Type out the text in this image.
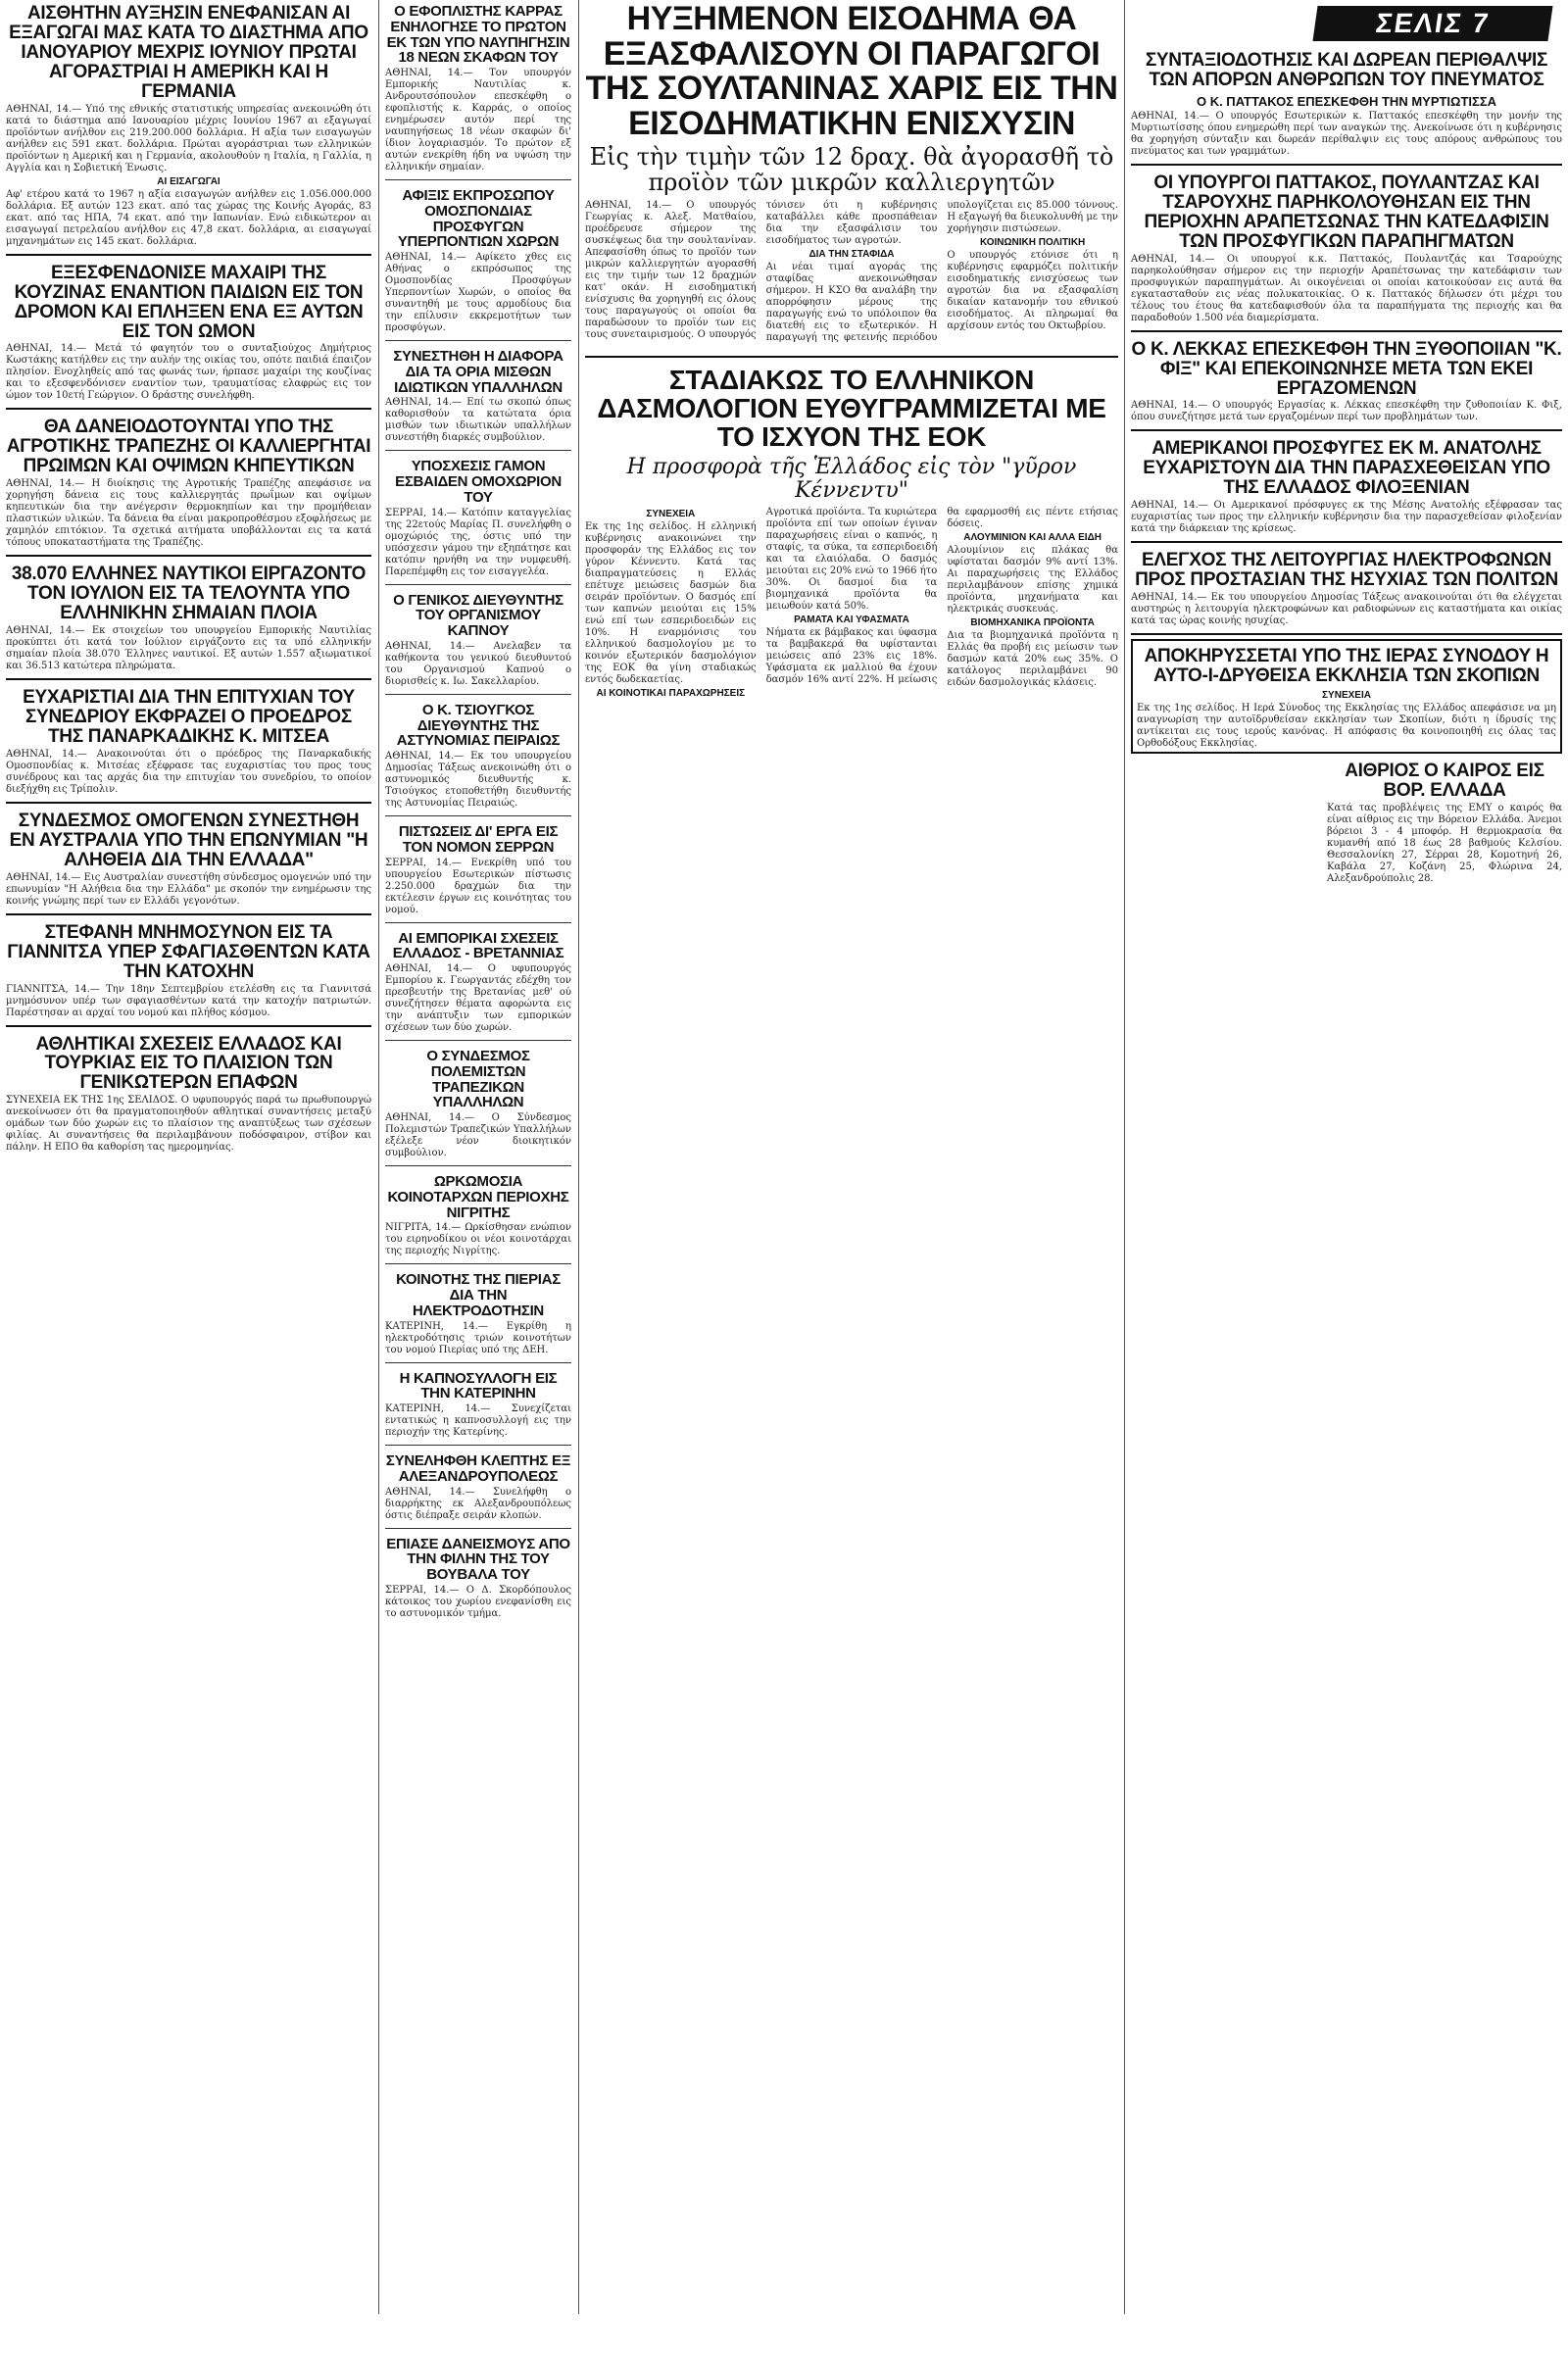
ΣΕΛΙΣ 7
ΑΙΣΘΗΤΗΝ ΑΥΞΗΣΙΝ ΕΝΕΦΑΝΙΣΑΝ ΑΙ ΕΞΑΓΩΓΑΙ ΜΑΣ ΚΑΤΑ ΤΟ ΔΙΑΣΤΗΜΑ ΑΠΟ ΙΑΝΟΥΑΡΙΟΥ ΜΕΧΡΙΣ ΙΟΥΝΙΟΥ ΠΡΩΤΑΙ ΑΓΟΡΑΣΤΡΙΑΙ Η ΑΜΕΡΙΚΗ ΚΑΙ Η ΓΕΡΜΑΝΙΑ
ΑΘΗΝΑΙ, 14.— Υπό της εθνικής στατιστικής υπηρεσίας ανεκοινώθη ότι κατά το διάστημα από Ιανουαρίου μέχρις Ιουνίου 1967 αι εξαγωγαί προϊόντων ανήλθον εις 219.200.000 δολλάρια. Η αξία των εισαγωγών ανήλθεν εις 591 εκατ. δολλάρια. Πρώται αγοράστριαι των ελληνικών προϊόντων η Αμερική και η Γερμανία, ακολουθούν η Ιταλία, η Γαλλία, η Αγγλία και η Σοβιετική Ένωσις.
ΑΙ ΕΙΣΑΓΩΓΑΙ
Αφ' ετέρου κατά το 1967 η αξία εισαγωγών ανήλθεν εις 1.056.000.000 δολλάρια. Εξ αυτών 123 εκατ. από τας χώρας της Κοινής Αγοράς, 83 εκατ. από τας ΗΠΑ, 74 εκατ. από την Ιαπωνίαν. Ενώ ειδικώτερον αι εισαγωγαί πετρελαίου ανήλθον εις 47,8 εκατ. δολλάρια, αι εισαγωγαί μηχανημάτων εις 145 εκατ. δολλάρια.
ΕΞΕΣΦΕΝΔΟΝΙΣΕ ΜΑΧΑΙΡΙ ΤΗΣ ΚΟΥΖΙΝΑΣ ΕΝΑΝΤΙΟΝ ΠΑΙΔΙΩΝ ΕΙΣ ΤΟΝ ΔΡΟΜΟΝ ΚΑΙ ΕΠΛΗΞΕΝ ΕΝΑ ΕΞ ΑΥΤΩΝ ΕΙΣ ΤΟΝ ΩΜΟΝ
ΑΘΗΝΑΙ, 14.— Μετά τό φαγητόν του ο συνταξιούχος Δημήτριος Κωστάκης κατήλθεν εις την αυλήν της οικίας του, οπότε παιδιά έπαιζον πλησίον. Ενοχληθείς από τας φωνάς των, ήρπασε μαχαίρι της κουζίνας και το εξεσφενδόνισεν εναντίον των, τραυματίσας ελαφρώς εις τον ώμον τον 10ετή Γεώργιον. Ο δράστης συνελήφθη.
ΘΑ ΔΑΝΕΙΟΔΟΤΟΥΝΤΑΙ ΥΠΟ ΤΗΣ ΑΓΡΟΤΙΚΗΣ ΤΡΑΠΕΖΗΣ ΟΙ ΚΑΛΛΙΕΡΓΗΤΑΙ ΠΡΩΙΜΩΝ ΚΑΙ ΟΨΙΜΩΝ ΚΗΠΕΥΤΙΚΩΝ
ΑΘΗΝΑΙ, 14.— Η διοίκησις της Αγροτικής Τραπέζης απεφάσισε να χορηγήση δάνεια εις τους καλλιεργητάς πρωΐμων και οψίμων κηπευτικών δια την ανέγερσιν θερμοκηπίων και την προμήθειαν πλαστικών υλικών. Τα δάνεια θα είναι μακροπροθέσμου εξοφλήσεως με χαμηλόν επιτόκιον. Τα σχετικά αιτήματα υποβάλλονται εις τα κατά τόπους υποκαταστήματα της Τραπέζης.
38.070 ΕΛΛΗΝΕΣ ΝΑΥΤΙΚΟΙ ΕΙΡΓΑΖΟΝΤΟ ΤΟΝ ΙΟΥΛΙΟΝ ΕΙΣ ΤΑ ΤΕΛΟΥΝΤΑ ΥΠΟ ΕΛΛΗΝΙΚΗΝ ΣΗΜΑΙΑΝ ΠΛΟΙΑ
ΑΘΗΝΑΙ, 14.— Εκ στοιχείων του υπουργείου Εμπορικής Ναυτιλίας προκύπτει ότι κατά τον Ιούλιον ειργάζοντο εις τα υπό ελληνικήν σημαίαν πλοία 38.070 Έλληνες ναυτικοί. Εξ αυτών 1.557 αξιωματικοί και 36.513 κατώτερα πληρώματα.
ΕΥΧΑΡΙΣΤΙΑΙ ΔΙΑ ΤΗΝ ΕΠΙΤΥΧΙΑΝ ΤΟΥ ΣΥΝΕΔΡΙΟΥ ΕΚΦΡΑΖΕΙ Ο ΠΡΟΕΔΡΟΣ ΤΗΣ ΠΑΝΑΡΚΑΔΙΚΗΣ Κ. ΜΙΤΣΕΑ
ΑΘΗΝΑΙ, 14.— Ανακοινούται ότι ο πρόεδρος της Παναρκαδικής Ομοσπονδίας κ. Μιτσέας εξέφρασε τας ευχαριστίας του προς τους συνέδρους και τας αρχάς δια την επιτυχίαν του συνεδρίου, το οποίον διεξήχθη εις Τρίπολιν.
ΣΥΝΔΕΣΜΟΣ ΟΜΟΓΕΝΩΝ ΣΥΝΕΣΤΗΘΗ ΕΝ ΑΥΣΤΡΑΛΙΑ ΥΠΟ ΤΗΝ ΕΠΩΝΥΜΙΑΝ "Η ΑΛΗΘΕΙΑ ΔΙΑ ΤΗΝ ΕΛΛΑΔΑ"
ΑΘΗΝΑΙ, 14.— Εις Αυστραλίαν συνεστήθη σύνδεσμος ομογενών υπό την επωνυμίαν "Η Αλήθεια δια την Ελλάδα" με σκοπόν την ενημέρωσιν της κοινής γνώμης περί των εν Ελλάδι γεγονότων.
ΣΤΕΦΑΝΗ ΜΝΗΜΟΣΥΝΟΝ ΕΙΣ ΤΑ ΓΙΑΝΝΙΤΣΑ ΥΠΕΡ ΣΦΑΓΙΑΣΘΕΝΤΩΝ ΚΑΤΑ ΤΗΝ ΚΑΤΟΧΗΝ
ΓΙΑΝΝΙΤΣΑ, 14.— Την 18ην Σεπτεμβρίου ετελέσθη εις τα Γιαννιτσά μνημόσυνον υπέρ των σφαγιασθέντων κατά την κατοχήν πατριωτών. Παρέστησαν αι αρχαί του νομού και πλήθος κόσμου.
ΑΘΛΗΤΙΚΑΙ ΣΧΕΣΕΙΣ ΕΛΛΑΔΟΣ ΚΑΙ ΤΟΥΡΚΙΑΣ ΕΙΣ ΤΟ ΠΛΑΙΣΙΟΝ ΤΩΝ ΓΕΝΙΚΩΤΕΡΩΝ ΕΠΑΦΩΝ
ΣΥΝΕΧΕΙΑ ΕΚ ΤΗΣ 1ης ΣΕΛΙΔΟΣ. Ο υφυπουργός παρά τω πρωθυπουργώ ανεκοίνωσεν ότι θα πραγματοποιηθούν αθλητικαί συναντήσεις μεταξύ ομάδων των δύο χωρών εις το πλαίσιον της αναπτύξεως των σχέσεων φιλίας. Αι συναντήσεις θα περιλαμβάνουν ποδόσφαιρον, στίβον και πάλην. Η ΕΠΟ θα καθορίση τας ημερομηνίας.
Ο ΕΦΟΠΛΙΣΤΗΣ ΚΑΡΡΑΣ ΕΝΗΛΟΓΗΣΕ ΤΟ ΠΡΩΤΟΝ ΕΚ ΤΩΝ ΥΠΟ ΝΑΥΠΗΓΗΣΙΝ 18 ΝΕΩΝ ΣΚΑΦΩΝ ΤΟΥ
ΑΘΗΝΑΙ, 14.— Τον υπουργόν Εμπορικής Ναυτιλίας κ. Ανδρουτσόπουλον επεσκέφθη ο εφοπλιστής κ. Καρράς, ο οποίος ενημέρωσεν αυτόν περί της ναυπηγήσεως 18 νέων σκαφών δι' ίδιον λογαριασμόν. Το πρώτον εξ αυτών ενεκρίθη ήδη να υψώση την ελληνικήν σημαίαν.
ΑΦΙΞΙΣ ΕΚΠΡΟΣΩΠΟΥ ΟΜΟΣΠΟΝΔΙΑΣ ΠΡΟΣΦΥΓΩΝ ΥΠΕΡΠΟΝΤΙΩΝ ΧΩΡΩΝ
ΑΘΗΝΑΙ, 14.— Αφίκετο χθες εις Αθήνας ο εκπρόσωπος της Ομοσπονδίας Προσφύγων Υπερποντίων Χωρών, ο οποίος θα συναντηθή με τους αρμοδίους δια την επίλυσιν εκκρεμοτήτων των προσφύγων.
ΣΥΝΕΣΤΗΘΗ Η ΔΙΑΦΟΡΑ ΔΙΑ ΤΑ ΟΡΙΑ ΜΙΣΘΩΝ ΙΔΙΩΤΙΚΩΝ ΥΠΑΛΛΗΛΩΝ
ΑΘΗΝΑΙ, 14.— Επί τω σκοπώ όπως καθορισθούν τα κατώτατα όρια μισθών των ιδιωτικών υπαλλήλων συνεστήθη διαρκές συμβούλιον.
ΥΠΟΣΧΕΣΙΣ ΓΑΜΟΝ ΕΣΒΑΙΔΕΝ ΟΜΟΧΩΡΙΟΝ ΤΟΥ
ΣΕΡΡΑΙ, 14.— Κατόπιν καταγγελίας της 22ετούς Μαρίας Π. συνελήφθη ο ομοχώριός της, όστις υπό την υπόσχεσιν γάμου την εξηπάτησε και κατόπιν ηρνήθη να την νυμφευθή. Παρεπέμφθη εις τον εισαγγελέα.
Ο ΓΕΝΙΚΟΣ ΔΙΕΥΘΥΝΤΗΣ ΤΟΥ ΟΡΓΑΝΙΣΜΟΥ ΚΑΠΝΟΥ
ΑΘΗΝΑΙ, 14.— Ανελαβεν τα καθήκοντα του γενικού διευθυντού του Οργανισμού Καπνού ο διορισθείς κ. Ιω. Σακελλαρίου.
Ο Κ. ΤΣΙΟΥΓΚΟΣ ΔΙΕΥΘΥΝΤΗΣ ΤΗΣ ΑΣΤΥΝΟΜΙΑΣ ΠΕΙΡΑΙΩΣ
ΑΘΗΝΑΙ, 14.— Εκ του υπουργείου Δημοσίας Τάξεως ανεκοινώθη ότι ο αστυνομικός διευθυντής κ. Τσιούγκος ετοποθετήθη διευθυντής της Αστυνομίας Πειραιώς.
ΠΙΣΤΩΣΕΙΣ ΔΙ' ΕΡΓΑ ΕΙΣ ΤΟΝ ΝΟΜΟΝ ΣΕΡΡΩΝ
ΣΕΡΡΑΙ, 14.— Ενεκρίθη υπό του υπουργείου Εσωτερικών πίστωσις 2.250.000 δραχμών δια την εκτέλεσιν έργων εις κοινότητας του νομού.
ΑΙ ΕΜΠΟΡΙΚΑΙ ΣΧΕΣΕΙΣ ΕΛΛΑΔΟΣ - ΒΡΕΤΑΝΝΙΑΣ
ΑΘΗΝΑΙ, 14.— Ο υφυπουργός Εμπορίου κ. Γεωργαντάς εδέχθη τον πρεσβευτήν της Βρετανίας μεθ' ού συνεζήτησεν θέματα αφορώντα εις την ανάπτυξιν των εμπορικών σχέσεων των δύο χωρών.
Ο ΣΥΝΔΕΣΜΟΣ ΠΟΛΕΜΙΣΤΩΝ ΤΡΑΠΕΖΙΚΩΝ ΥΠΑΛΛΗΛΩΝ
ΑΘΗΝΑΙ, 14.— Ο Σύνδεσμος Πολεμιστών Τραπεζικών Υπαλλήλων εξέλεξε νέον διοικητικόν συμβούλιον.
ΩΡΚΩΜΟΣΙΑ ΚΟΙΝΟΤΑΡΧΩΝ ΠΕΡΙΟΧΗΣ ΝΙΓΡΙΤΗΣ
ΝΙΓΡΙΤΑ, 14.— Ωρκίσθησαν ενώπιον του ειρηνοδίκου οι νέοι κοινοτάρχαι της περιοχής Νιγρίτης.
ΚΟΙΝΟΤΗΣ ΤΗΣ ΠΙΕΡΙΑΣ ΔΙΑ ΤΗΝ ΗΛΕΚΤΡΟΔΟΤΗΣΙΝ
ΚΑΤΕΡΙΝΗ, 14.— Εγκρίθη η ηλεκτροδότησις τριών κοινοτήτων του νομού Πιερίας υπό της ΔΕΗ.
Η ΚΑΠΝΟΣΥΛΛΟΓΗ ΕΙΣ ΤΗΝ ΚΑΤΕΡΙΝΗΝ
ΚΑΤΕΡΙΝΗ, 14.— Συνεχίζεται εντατικώς η καπνοσυλλογή εις την περιοχήν της Κατερίνης.
ΣΥΝΕΛΗΦΘΗ ΚΛΕΠΤΗΣ ΕΞ ΑΛΕΞΑΝΔΡΟΥΠΟΛΕΩΣ
ΑΘΗΝΑΙ, 14.— Συνελήφθη ο διαρρήκτης εκ Αλεξανδρουπόλεως όστις διέπραξε σειράν κλοπών.
ΕΠΙΑΣΕ ΔΑΝΕΙΣΜΟΥΣ ΑΠΟ ΤΗΝ ΦΙΛΗΝ ΤΗΣ ΤΟΥ ΒΟΥΒΑΛΑ ΤΟΥ
ΣΕΡΡΑΙ, 14.— Ο Δ. Σκορδόπουλος κάτοικος του χωρίου ενεφανίσθη εις το αστυνομικόν τμήμα.
ΗΥΞΗΜΕΝΟΝ ΕΙΣΟΔΗΜΑ ΘΑ ΕΞΑΣΦΑΛΙΣΟΥΝ ΟΙ ΠΑΡΑΓΩΓΟΙ ΤΗΣ ΣΟΥΛΤΑΝΙΝΑΣ ΧΑΡΙΣ ΕΙΣ ΤΗΝ ΕΙΣΟΔΗΜΑΤΙΚΗΝ ΕΝΙΣΧΥΣΙΝ
Εἰς τὴν τιμὴν τῶν 12 δραχ. θὰ ἀγορασθῆ τὸ προϊὸν τῶν μικρῶν καλλιεργητῶν
ΑΘΗΝΑΙ, 14.— Ο υπουργός Γεωργίας κ. Αλεξ. Ματθαίου, προέδρευσε σήμερον της συσκέψεως δια την σουλτανίναν. Απεφασίσθη όπως το προϊόν των μικρών καλλιεργητών αγορασθή εις την τιμήν των 12 δραχμών κατ' οκάν. Η εισοδηματική ενίσχυσις θα χορηγηθή εις όλους τους παραγωγούς οι οποίοι θα παραδώσουν το προϊόν των εις τους συνεταιρισμούς. Ο υπουργός τόνισεν ότι η κυβέρνησις καταβάλλει κάθε προσπάθειαν δια την εξασφάλισιν του εισοδήματος των αγροτών.
ΔΙΑ ΤΗΝ ΣΤΑΦΙΔΑ
Αι νέαι τιμαί αγοράς της σταφίδας ανεκοινώθησαν σήμερον. Η ΚΣΟ θα αναλάβη την απορρόφησιν μέρους της παραγωγής ενώ το υπόλοιπον θα διατεθή εις το εξωτερικόν. Η παραγωγή της φετεινής περιόδου υπολογίζεται εις 85.000 τόννους. Η εξαγωγή θα διευκολυνθή με την χορήγησιν πιστώσεων.
ΚΟΙΝΩΝΙΚΗ ΠΟΛΙΤΙΚΗ
Ο υπουργός ετόνισε ότι η κυβέρνησις εφαρμόζει πολιτικήν εισοδηματικής ενισχύσεως των αγροτών δια να εξασφαλίση δικαίαν κατανομήν του εθνικού εισοδήματος. Αι πληρωμαί θα αρχίσουν εντός του Οκτωβρίου.
ΣΤΑΔΙΑΚΩΣ ΤΟ ΕΛΛΗΝΙΚΟΝ ΔΑΣΜΟΛΟΓΙΟΝ ΕΥΘΥΓΡΑΜΜΙΖΕΤΑΙ ΜΕ ΤΟ ΙΣΧΥΟΝ ΤΗΣ ΕΟΚ
Η προσφορὰ τῆς Ἑλλάδος εἰς τὸν "γῦρον Κέννεντυ"
ΣΥΝΕΧΕΙΑ
Εκ της 1ης σελίδος. Η ελληνική κυβέρνησις ανακοινώνει την προσφοράν της Ελλάδος εις τον γύρον Κέννεντυ. Κατά τας διαπραγματεύσεις η Ελλάς επέτυχε μειώσεις δασμών δια σειράν προϊόντων. Ο δασμός επί των καπνών μειούται εις 15% ενώ επί των εσπεριδοειδών εις 10%. Η εναρμόνισις του ελληνικού δασμολογίου με το κοινόν εξωτερικόν δασμολόγιον της ΕΟΚ θα γίνη σταδιακώς εντός δωδεκαετίας.
ΑΙ ΚΟΙΝΟΤΙΚΑΙ ΠΑΡΑΧΩΡΗΣΕΙΣ
Αγροτικά προϊόντα. Τα κυριώτερα προϊόντα επί των οποίων έγιναν παραχωρήσεις είναι ο καπνός, η σταφίς, τα σύκα, τα εσπεριδοειδή και τα ελαιόλαδα. Ο δασμός μειούται εις 20% ενώ το 1966 ήτο 30%. Οι δασμοί δια τα βιομηχανικά προϊόντα θα μειωθούν κατά 50%.
ΡΑΜΑΤΑ ΚΑΙ ΥΦΑΣΜΑΤΑ
Νήματα εκ βάμβακος και ύφασμα τα βαμβακερά θα υφίστανται μειώσεις από 23% εις 18%. Υφάσματα εκ μαλλιού θα έχουν δασμόν 16% αντί 22%. Η μείωσις θα εφαρμοσθή εις πέντε ετήσιας δόσεις.
ΑΛΟΥΜΙΝΙΟΝ ΚΑΙ ΑΛΛΑ ΕΙΔΗ
Αλουμίνιον εις πλάκας θα υφίσταται δασμόν 9% αντί 13%. Αι παραχωρήσεις της Ελλάδος περιλαμβάνουν επίσης χημικά προϊόντα, μηχανήματα και ηλεκτρικάς συσκευάς.
ΒΙΟΜΗΧΑΝΙΚΑ ΠΡΟΪΟΝΤΑ
Δια τα βιομηχανικά προϊόντα η Ελλάς θα προβή εις μείωσιν των δασμών κατά 20% εως 35%. Ο κατάλογος περιλαμβάνει 90 ειδών δασμολογικάς κλάσεις.
ΣΥΝΤΑΞΙΟΔΟΤΗΣΙΣ ΚΑΙ ΔΩΡΕΑΝ ΠΕΡΙΘΑΛΨΙΣ ΤΩΝ ΑΠΟΡΩΝ ΑΝΘΡΩΠΩΝ ΤΟΥ ΠΝΕΥΜΑΤΟΣ
Ο Κ. ΠΑΤΤΑΚΟΣ ΕΠΕΣΚΕΦΘΗ ΤΗΝ ΜΥΡΤΙΩΤΙΣΣΑ
ΑΘΗΝΑΙ, 14.— Ο υπουργός Εσωτερικών κ. Παττακός επεσκέφθη την μονήν της Μυρτιωτίσσης όπου ενημερώθη περί των αναγκών της. Ανεκοίνωσε ότι η κυβέρνησις θα χορηγήση σύνταξιν και δωρεάν περίθαλψιν εις τους απόρους ανθρώπους του πνεύματος και των γραμμάτων.
ΟΙ ΥΠΟΥΡΓΟΙ ΠΑΤΤΑΚΟΣ, ΠΟΥΛΑΝΤΖΑΣ ΚΑΙ ΤΣΑΡΟΥΧΗΣ ΠΑΡΗΚΟΛΟΥΘΗΣΑΝ ΕΙΣ ΤΗΝ ΠΕΡΙΟΧΗΝ ΑΡΑΠΕΤΣΩΝΑΣ ΤΗΝ ΚΑΤΕΔΑΦΙΣΙΝ ΤΩΝ ΠΡΟΣΦΥΓΙΚΩΝ ΠΑΡΑΠΗΓΜΑΤΩΝ
ΑΘΗΝΑΙ, 14.— Οι υπουργοί κ.κ. Παττακός, Πουλαντζάς και Τσαρούχης παρηκολούθησαν σήμερον εις την περιοχήν Αραπέτσωνας την κατεδάφισιν των προσφυγικών παραπηγμάτων. Αι οικογένειαι οι οποίαι κατοικούσαν εις αυτά θα εγκατασταθούν εις νέας πολυκατοικίας. Ο κ. Παττακός δήλωσεν ότι μέχρι του τέλους του έτους θα κατεδαφισθούν όλα τα παραπήγματα της περιοχής και θα παραδοθούν 1.500 νέα διαμερίσματα.
Ο Κ. ΛΕΚΚΑΣ ΕΠΕΣΚΕΦΘΗ ΤΗΝ ΞΥΘΟΠΟΙΙΑΝ "Κ. ΦΙΞ" ΚΑΙ ΕΠΕΚΟΙΝΩΝΗΣΕ ΜΕΤΑ ΤΩΝ ΕΚΕΙ ΕΡΓΑΖΟΜΕΝΩΝ
ΑΘΗΝΑΙ, 14.— Ο υπουργός Εργασίας κ. Λέκκας επεσκέφθη την ζυθοποιίαν Κ. Φιξ, όπου συνεζήτησε μετά των εργαζομένων περί των προβλημάτων των.
ΑΜΕΡΙΚΑΝΟΙ ΠΡΟΣΦΥΓΕΣ ΕΚ Μ. ΑΝΑΤΟΛΗΣ ΕΥΧΑΡΙΣΤΟΥΝ ΔΙΑ ΤΗΝ ΠΑΡΑΣΧΕΘΕΙΣΑΝ ΥΠΟ ΤΗΣ ΕΛΛΑΔΟΣ ΦΙΛΟΞΕΝΙΑΝ
ΑΘΗΝΑΙ, 14.— Οι Αμερικανοί πρόσφυγες εκ της Μέσης Ανατολής εξέφρασαν τας ευχαριστίας των προς την ελληνικήν κυβέρνησιν δια την παρασχεθείσαν φιλοξενίαν κατά την διάρκειαν της κρίσεως.
ΕΛΕΓΧΟΣ ΤΗΣ ΛΕΙΤΟΥΡΓΙΑΣ ΗΛΕΚΤΡΟΦΩΝΩΝ ΠΡΟΣ ΠΡΟΣΤΑΣΙΑΝ ΤΗΣ ΗΣΥΧΙΑΣ ΤΩΝ ΠΟΛΙΤΩΝ
ΑΘΗΝΑΙ, 14.— Εκ του υπουργείου Δημοσίας Τάξεως ανακοινούται ότι θα ελέγχεται αυστηρώς η λειτουργία ηλεκτροφώνων και ραδιοφώνων εις καταστήματα και οικίας κατά τας ώρας κοινής ησυχίας.
ΑΠΟΚΗΡΥΣΣΕΤΑΙ ΥΠΟ ΤΗΣ ΙΕΡΑΣ ΣΥΝΟΔΟΥ Η ΑΥΤΟ-Ι-ΔΡΥΘΕΙΣΑ ΕΚΚΛΗΣΙΑ ΤΩΝ ΣΚΟΠΙΩΝ
ΣΥΝΕΧΕΙΑ
Εκ της 1ης σελίδος. Η Ιερά Σύνοδος της Εκκλησίας της Ελλάδος απεφάσισε να μη αναγνωρίση την αυτοϊδρυθείσαν εκκλησίαν των Σκοπίων, διότι η ίδρυσίς της αντίκειται εις τους ιερούς κανόνας. Η απόφασις θα κοινοποιηθή εις όλας τας Ορθοδόξους Εκκλησίας.
ΑΙΘΡΙΟΣ Ο ΚΑΙΡΟΣ ΕΙΣ ΒΟΡ. ΕΛΛΑΔΑ
Κατά τας προβλέψεις της ΕΜΥ ο καιρός θα είναι αίθριος εις την Βόρειον Ελλάδα. Άνεμοι βόρειοι 3 - 4 μποφόρ. Η θερμοκρασία θα κυμανθή από 18 έως 28 βαθμούς Κελσίου. Θεσσαλονίκη 27, Σέρραι 28, Κομοτηνή 26, Καβάλα 27, Κοζάνη 25, Φλώρινα 24, Αλεξανδρούπολις 28.
